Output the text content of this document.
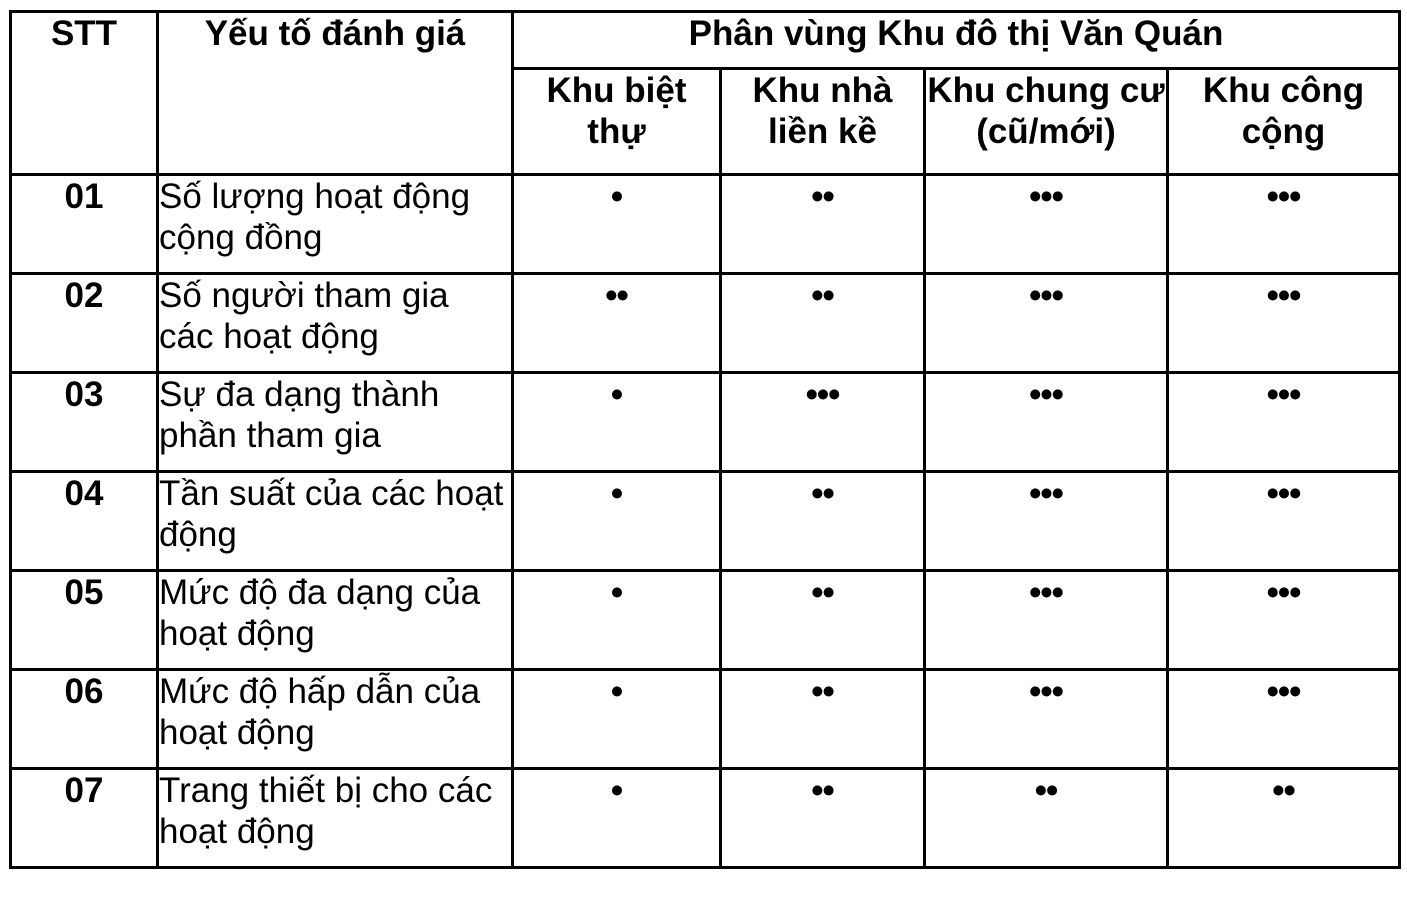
STT	Yếu tố đánh giá	Phân vùng Khu đô thị Văn Quán			
		Khu biệt thự	Khu nhà liền kề	Khu chung cư (cũ/mới)	Khu công cộng
01	Số lượng hoạt động cộng đồng	•	••	•••	•••
02	Số người tham gia các hoạt động	••	••	•••	•••
03	Sự đa dạng thành phần tham gia	•	•••	•••	•••
04	Tần suất của các hoạt động	•	••	•••	•••
05	Mức độ đa dạng của hoạt động	•	••	•••	•••
06	Mức độ hấp dẫn của hoạt động	•	••	•••	•••
07	Trang thiết bị cho các hoạt động	•	••	••	••
